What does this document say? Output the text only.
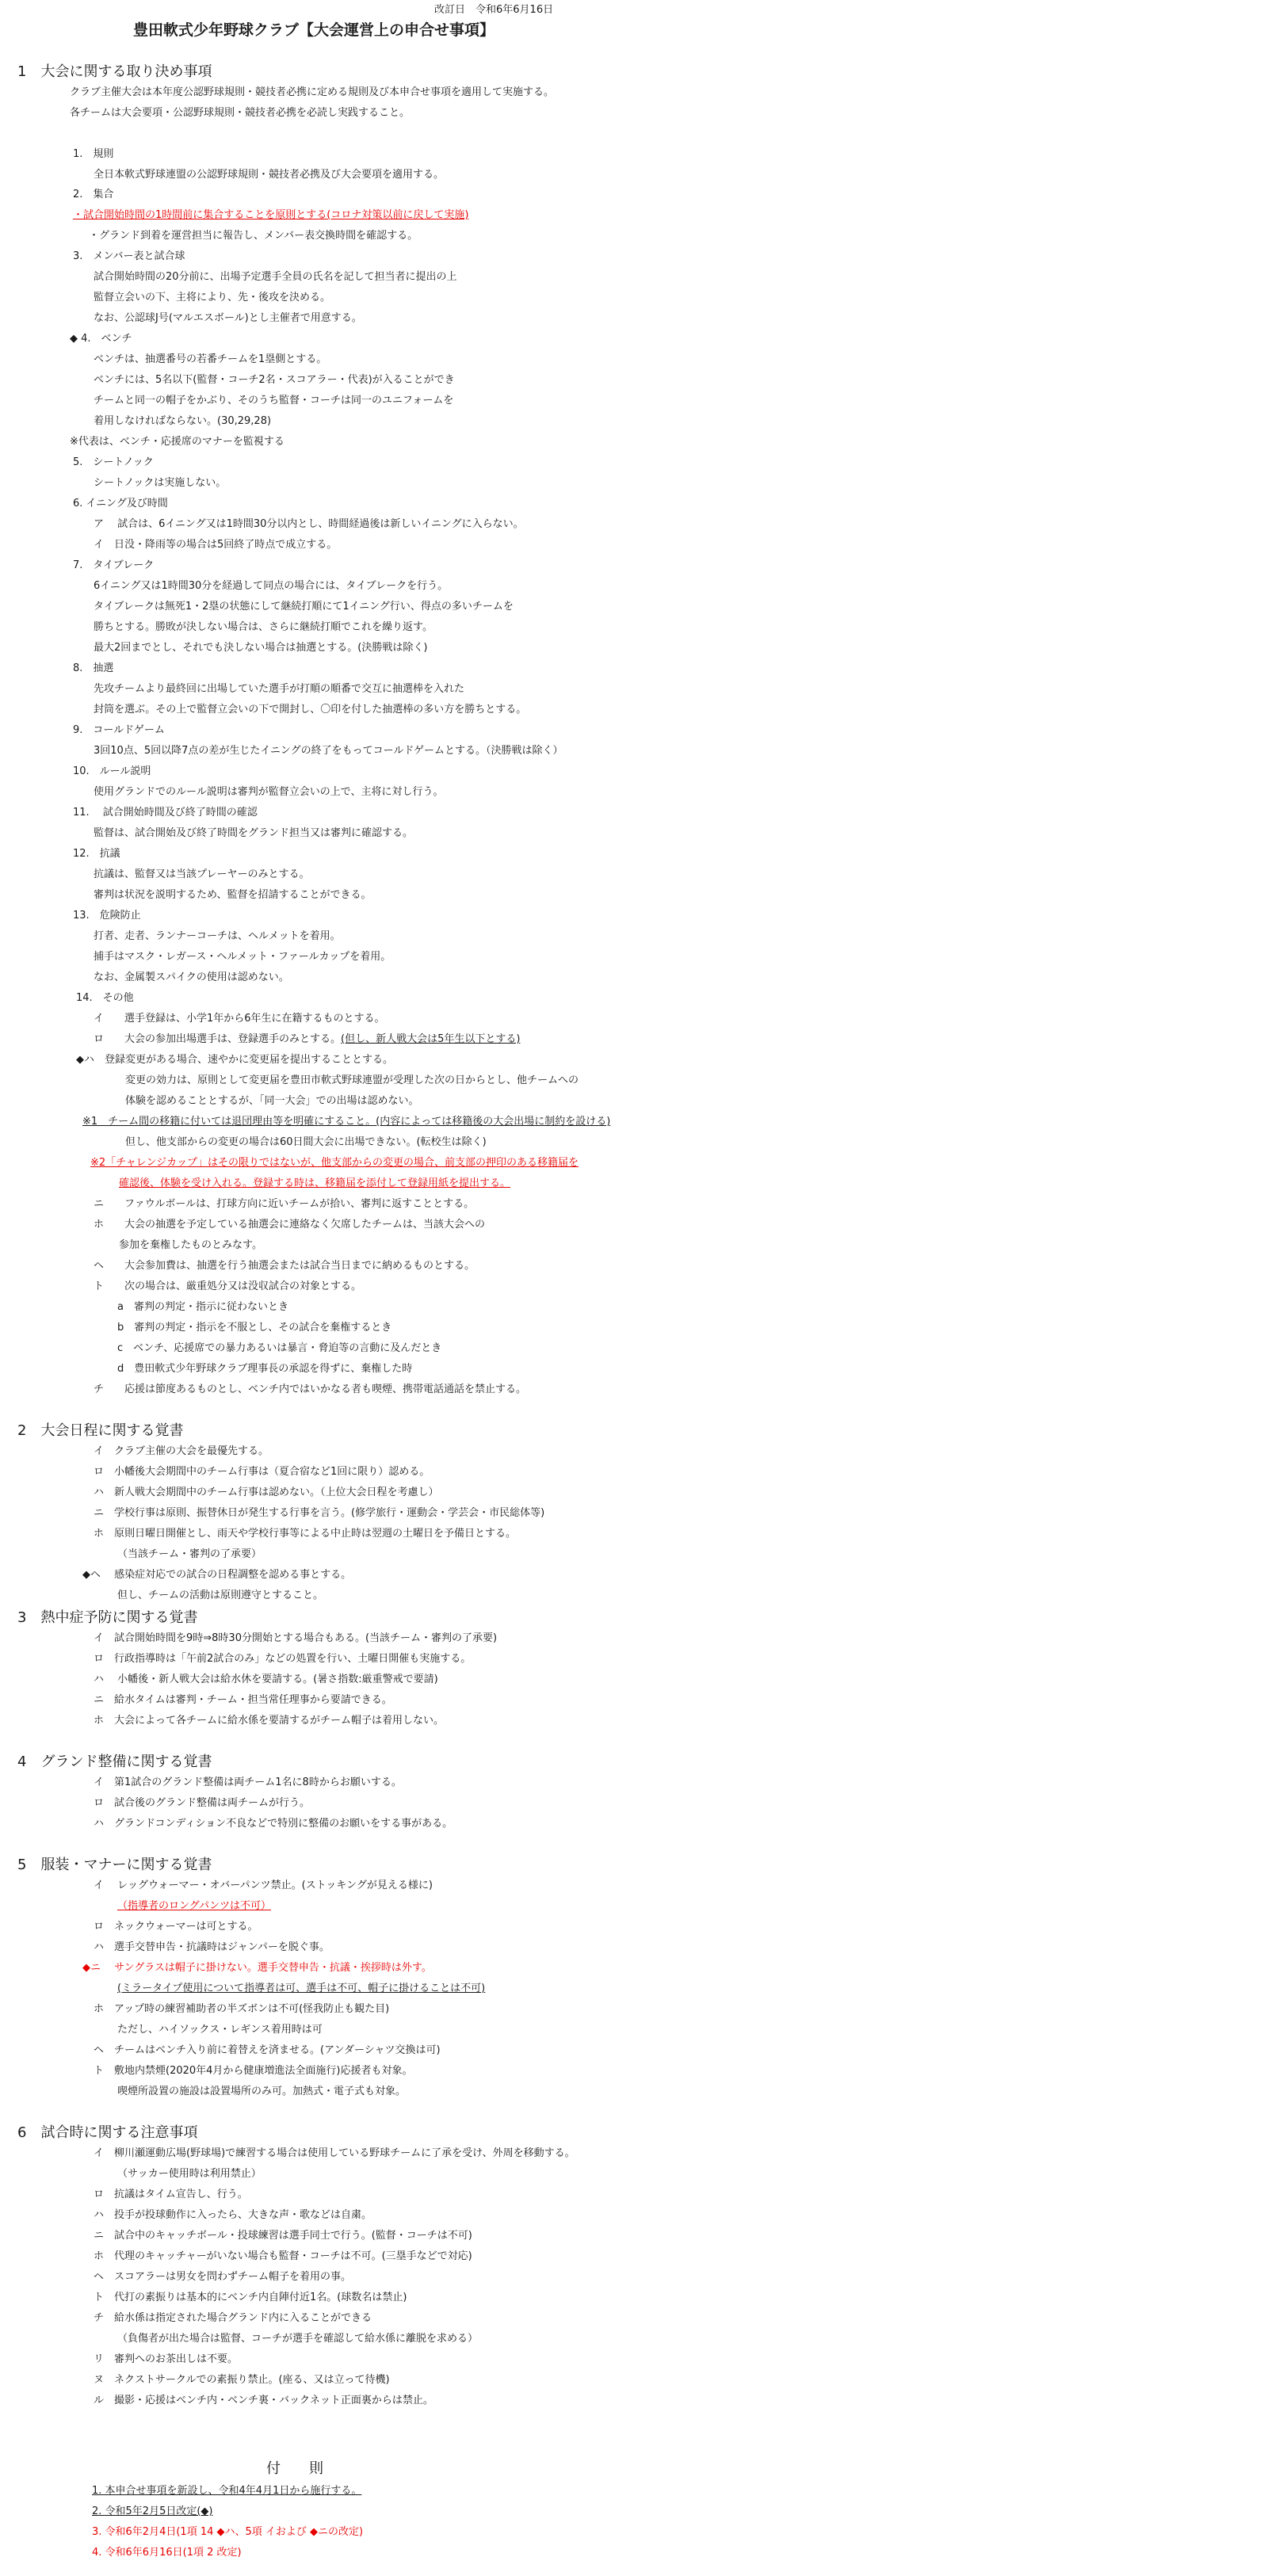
改訂日　令和6年6月16日
豊田軟式少年野球クラブ【大会運営上の申合せ事項】
1　大会に関する取り決め事項
クラブ主催大会は本年度公認野球規則・競技者必携に定める規則及び本申合せ事項を適用して実施する。
各チームは大会要項・公認野球規則・競技者必携を必読し実践すること。
1.　規則
全日本軟式野球連盟の公認野球規則・競技者必携及び大会要項を適用する。
2.　集合
・試合開始時間の1時間前に集合することを原則とする(コロナ対策以前に戻して実施)
・グランド到着を運営担当に報告し、メンバー表交換時間を確認する。
3.　メンバー表と試合球
試合開始時間の20分前に、出場予定選手全員の氏名を記して担当者に提出の上
監督立会いの下、主将により、先・後攻を決める。
なお、公認球J号(マルエスボール)とし主催者で用意する。
◆ 4.　ベンチ
ベンチは、抽選番号の若番チームを1塁側とする。
ベンチには、5名以下(監督・コーチ2名・スコアラー・代表)が入ることができ
チームと同一の帽子をかぶり、そのうち監督・コーチは同一のユニフォームを
着用しなければならない。(30,29,28)
※代表は、ベンチ・応援席のマナーを監視する
5.　シートノック
シートノックは実施しない。
6. イニング及び時間
ア　 試合は、6イニング又は1時間30分以内とし、時間経過後は新しいイニングに入らない。
イ　日没・降雨等の場合は5回終了時点で成立する。
7.　タイブレーク
6イニング又は1時間30分を経過して同点の場合には、タイブレークを行う。
タイブレークは無死1・2塁の状態にして継続打順にて1イニング行い、得点の多いチームを
勝ちとする。勝敗が決しない場合は、さらに継続打順でこれを繰り返す。
最大2回までとし、それでも決しない場合は抽選とする。(決勝戦は除く)
8.　抽選
先攻チームより最終回に出場していた選手が打順の順番で交互に抽選棒を入れた
封筒を選ぶ。その上で監督立会いの下で開封し、〇印を付した抽選棒の多い方を勝ちとする。
9.　コールドゲーム
3回10点、5回以降7点の差が生じたイニングの終了をもってコールドゲームとする。（決勝戦は除く）
10.　ルール説明
使用グランドでのルール説明は審判が監督立会いの上で、主将に対し行う。
11.　 試合開始時間及び終了時間の確認
監督は、試合開始及び終了時間をグランド担当又は審判に確認する。
12.　抗議
抗議は、監督又は当該プレーヤーのみとする。
審判は状況を説明するため、監督を招請することができる。
13.　危険防止
打者、走者、ランナーコーチは、ヘルメットを着用。
捕手はマスク・レガース・ヘルメット・ファールカップを着用。
なお、金属製スパイクの使用は認めない。
14.　その他
イ　　選手登録は、小学1年から6年生に在籍するものとする。
ロ　　大会の参加出場選手は、登録選手のみとする。(但し、新人戦大会は5年生以下とする)
◆ハ　登録変更がある場合、速やかに変更届を提出することとする。
変更の効力は、原則として変更届を豊田市軟式野球連盟が受理した次の日からとし、他チームへの
体験を認めることとするが、「同一大会」での出場は認めない。
※1　チーム間の移籍に付いては退団理由等を明確にすること。(内容によっては移籍後の大会出場に制約を設ける)
但し、他支部からの変更の場合は60日間大会に出場できない。(転校生は除く)
※2「チャレンジカップ」はその限りではないが、他支部からの変更の場合、前支部の押印のある移籍届を
確認後、体験を受け入れる。登録する時は、移籍届を添付して登録用紙を提出する。
ニ　　ファウルボールは、打球方向に近いチームが拾い、審判に返すこととする。
ホ　　大会の抽選を予定している抽選会に連絡なく欠席したチームは、当該大会への
参加を棄権したものとみなす。
ヘ　　大会参加費は、抽選を行う抽選会または試合当日までに納めるものとする。
ト　　次の場合は、厳重処分又は没収試合の対象とする。
a　審判の判定・指示に従わないとき
b　審判の判定・指示を不服とし、その試合を棄権するとき
c　ベンチ、応援席での暴力あるいは暴言・脅迫等の言動に及んだとき
d　豊田軟式少年野球クラブ理事長の承認を得ずに、棄権した時
チ　　応援は節度あるものとし、ベンチ内ではいかなる者も喫煙、携帯電話通話を禁止する。
2　大会日程に関する覚書
イ　クラブ主催の大会を最優先する。
ロ　小幡後大会期間中のチーム行事は（夏合宿など1回に限り）認める。
ハ　新人戦大会期間中のチーム行事は認めない。（上位大会日程を考慮し）
ニ　学校行事は原則、振替休日が発生する行事を言う。(修学旅行・運動会・学芸会・市民総体等)
ホ　原則日曜日開催とし、雨天や学校行事等による中止時は翌週の土曜日を予備日とする。
（当該チーム・審判の了承要）
◆ヘ　 感染症対応での試合の日程調整を認める事とする。
但し、チームの活動は原則遵守とすること。
3　熱中症予防に関する覚書
イ　試合開始時間を9時⇒8時30分開始とする場合もある。(当該チーム・審判の了承要)
ロ　行政指導時は「午前2試合のみ」などの処置を行い、土曜日開催も実施する。
ハ　 小幡後・新人戦大会は給水休を要請する。(暑さ指数:厳重警戒で要請)
ニ　給水タイムは審判・チーム・担当常任理事から要請できる。
ホ　大会によって各チームに給水係を要請するがチーム帽子は着用しない。
4　グランド整備に関する覚書
イ　第1試合のグランド整備は両チーム1名に8時からお願いする。
ロ　試合後のグランド整備は両チームが行う。
ハ　グランドコンディション不良などで特別に整備のお願いをする事がある。
5　服装・マナーに関する覚書
イ　 レッグウォーマー・オバーパンツ禁止。(ストッキングが見える様に)
（指導者のロングパンツは不可）
ロ　ネックウォーマーは可とする。
ハ　選手交替申告・抗議時はジャンパーを脱ぐ事。
◆ニ　 サングラスは帽子に掛けない。選手交替申告・抗議・挨拶時は外す。
(ミラータイプ使用について指導者は可、選手は不可、帽子に掛けることは不可)
ホ　アップ時の練習補助者の半ズボンは不可(怪我防止も観た目)
ただし、ハイソックス・レギンス着用時は可
ヘ　チームはベンチ入り前に着替えを済ませる。(アンダーシャツ交換は可)
ト　敷地内禁煙(2020年4月から健康増進法全面施行)応援者も対象。
喫煙所設置の施設は設置場所のみ可。加熱式・電子式も対象。
6　試合時に関する注意事項
イ　柳川瀬運動広場(野球場)で練習する場合は使用している野球チームに了承を受け、外周を移動する。
（サッカー使用時は利用禁止）
ロ　抗議はタイム宣告し、行う。
ハ　投手が投球動作に入ったら、大きな声・歌などは自粛。
ニ　試合中のキャッチボール・投球練習は選手同士で行う。(監督・コーチは不可)
ホ　代理のキャッチャーがいない場合も監督・コーチは不可。(三塁手などで対応)
ヘ　スコアラーは男女を問わずチーム帽子を着用の事。
ト　代打の素振りは基本的にベンチ内自陣付近1名。(球数名は禁止)
チ　給水係は指定された場合グランド内に入ることができる
（負傷者が出た場合は監督、コーチが選手を確認して給水係に離脱を求める）
リ　審判へのお茶出しは不要。
ヌ　ネクストサークルでの素振り禁止。(座る、又は立って待機)
ル　撮影・応援はベンチ内・ベンチ裏・バックネット正面裏からは禁止。
付　　則
1. 本申合せ事項を新設し、令和4年4月1日から施行する。
2. 令和5年2月5日改定(◆)
3. 令和6年2月4日(1項 14 ◆ハ、5項 イおよび ◆ニの改定)
4. 令和6年6月16日(1項 2 改定)
